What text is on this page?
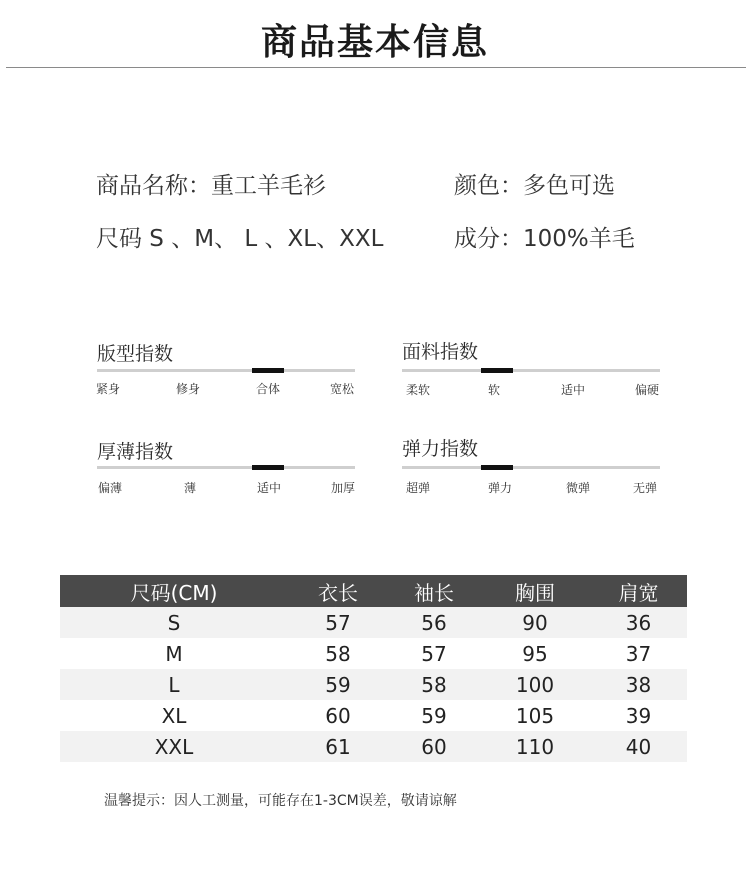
商品基本信息
商品名称：重工羊毛衫	颜色：多色可选
尺码 S 、M、 L 、XL、XXL	成分：100%羊毛
版型指数
紧身	修身	合体	宽松
面料指数
柔软	软	适中	偏硬
厚薄指数
偏薄	薄	适中	加厚
弹力指数
超弹	弹力	微弹	无弹
尺码(CM)	衣长	袖长	胸围	肩宽
S	57	56	90	36
M	58	57	95	37
L	59	58	100	38
XL	60	59	105	39
XXL	61	60	110	40
温馨提示：因人工测量，可能存在1-3CM误差，敬请谅解
